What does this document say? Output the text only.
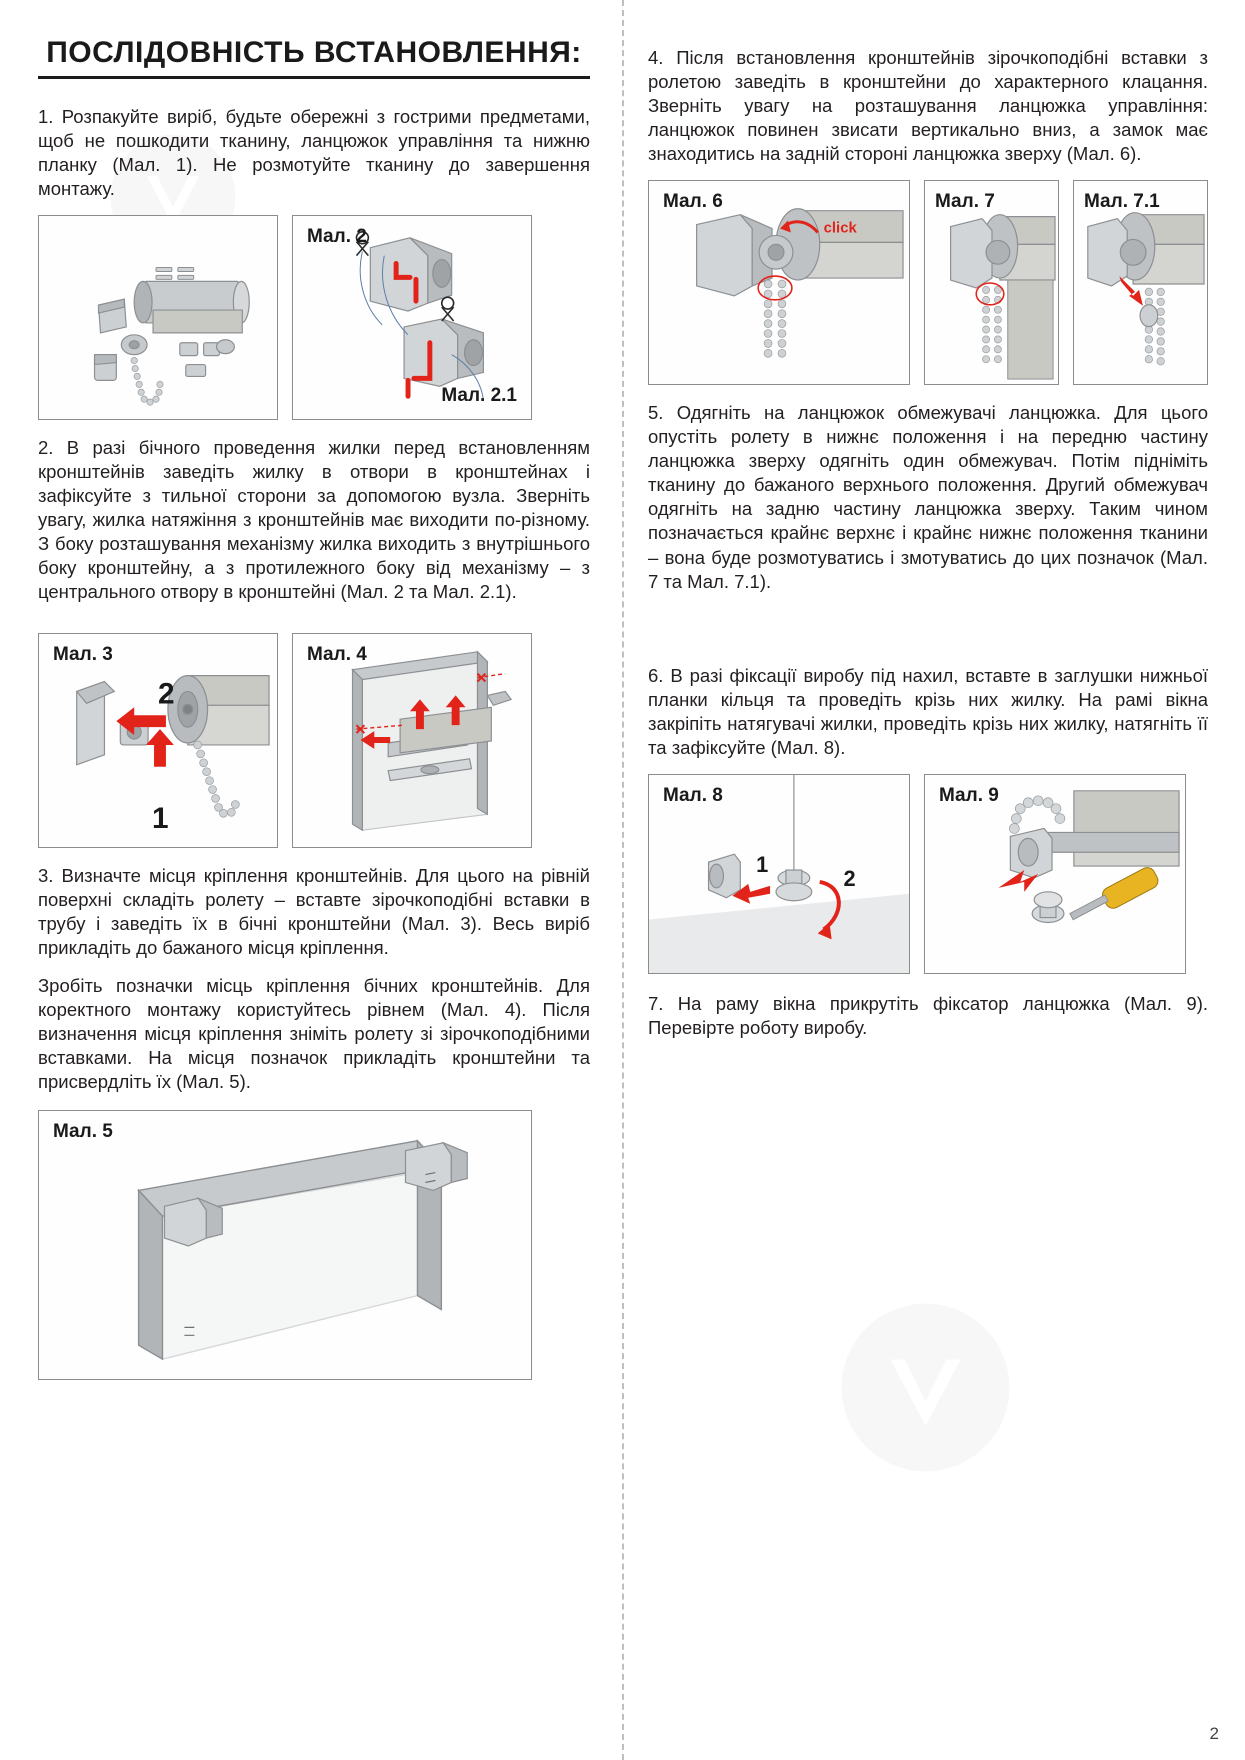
ПОСЛІДОВНІСТЬ ВСТАНОВЛЕННЯ:

1. Розпакуйте виріб, будьте обережні з гострими предметами, щоб не пошкодити тканину, ланцюжок управління та нижню планку (Мал. 1). Не розмотуйте тканину до завершення монтажу.

Мал. 2
Мал. 2.1

2. В разі бічного проведення жилки перед встановленням кронштейнів заведіть жилку в отвори в кронштейнах і зафіксуйте з тильної сторони за допомогою вузла. Зверніть увагу, жилка натяжіння з кронштейнів має виходити по-різному. З боку розташування механізму жилка виходить з внутрішнього боку кронштейну, а з протилежного боку від механізму – з центрального отвору в кронштейні (Мал. 2 та Мал. 2.1).

Мал. 3
2
1
Мал. 4

3. Визначте місця кріплення кронштейнів. Для цього на рівній поверхні складіть ролету – вставте зірочкоподібні вставки в трубу і заведіть їх в бічні кронштейни (Мал. 3). Весь виріб прикладіть до бажаного місця кріплення.

Зробіть позначки місць кріплення бічних кронштейнів. Для коректного монтажу користуйтесь рівнем (Мал. 4). Після визначення місця кріплення зніміть ролету зі зірочкоподібними вставками. На місця позначок прикладіть кронштейни та присвердліть їх (Мал. 5).

Мал. 5

4. Після встановлення кронштейнів зірочкоподібні вставки з ролетою заведіть в кронштейни до характерного клацання. Зверніть увагу на розташування ланцюжка управління: ланцюжок повинен звисати вертикально вниз, а замок має знаходитись на задній стороні ланцюжка зверху (Мал. 6).

Мал. 6
click
Мал. 7	Мал. 7.1

5. Одягніть на ланцюжок обмежувачі ланцюжка. Для цього опустіть ролету в нижнє положення і на передню частину ланцюжка зверху одягніть один обмежувач. Потім підніміть тканину до бажаного верхнього положення. Другий обмежувач одягніть на задню частину ланцюжка зверху. Таким чином позначається крайнє верхнє і крайнє нижнє положення тканини – вона буде розмотуватись і змотуватись до цих позначок (Мал. 7 та Мал. 7.1).

6. В разі фіксації виробу під нахил, вставте в заглушки нижньої планки кільця та проведіть крізь них жилку. На рамі вікна закріпіть натягувачі жилки, проведіть крізь них жилку, натягніть її та зафіксуйте (Мал. 8).

Мал. 8
2
1
Мал. 9

7. На раму вікна прикрутіть фіксатор ланцюжка (Мал. 9). Перевірте роботу виробу.

2
